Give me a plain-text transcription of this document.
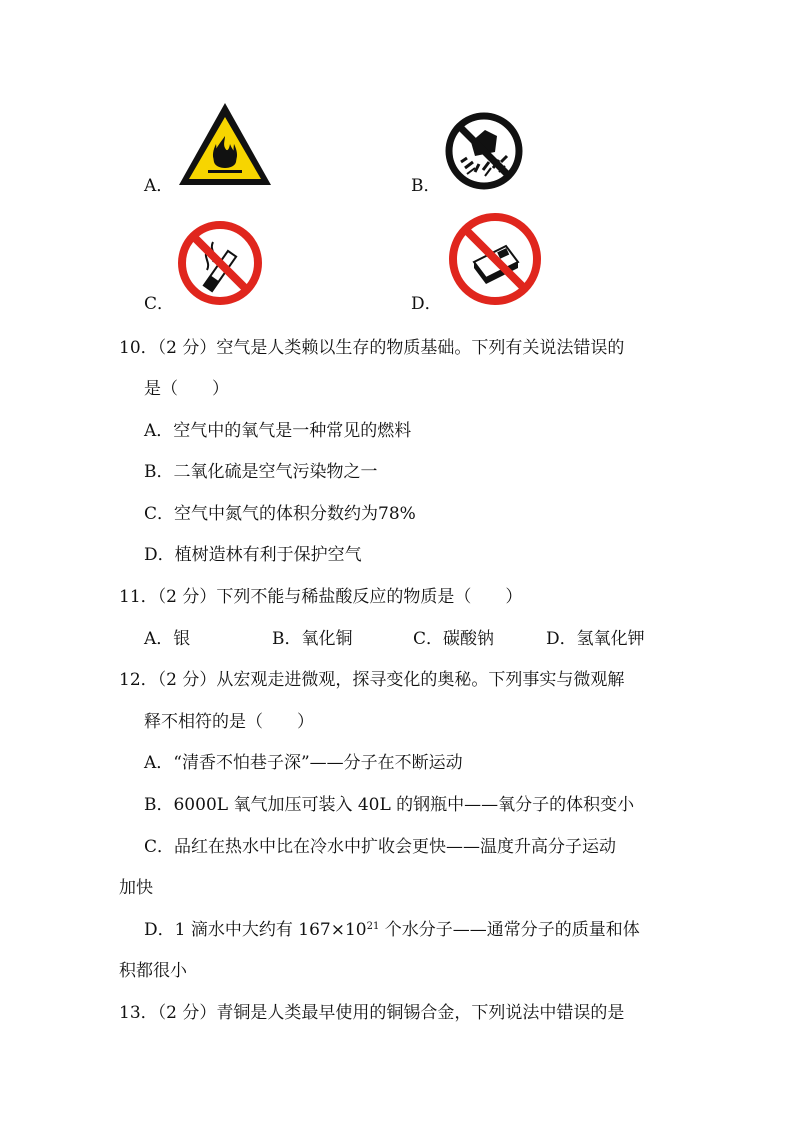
A．	B．
C．	D．
10．（2 分）空气是人类赖以生存的物质基础。下列有关说法错误的
是（　　）
A．空气中的氧气是一种常见的燃料
B．二氧化硫是空气污染物之一
C．空气中氮气的体积分数约为78%
D．植树造林有利于保护空气
11．（2 分）下列不能与稀盐酸反应的物质是（　　）
A．银	B．氧化铜	C．碳酸钠	D．氢氧化钾
12．（2 分）从宏观走进微观，探寻变化的奥秘。下列事实与微观解
释不相符的是（　　）
A．“清香不怕巷子深”——分子在不断运动
B．6000L 氧气加压可装入 40L 的钢瓶中——氧分子的体积变小
C．品红在热水中比在冷水中扩收会更快——温度升高分子运动
加快
D．1 滴水中大约有 $167\times 10^{21}$ 个水分子——通常分子的质量和体
积都很小
13．（2 分）青铜是人类最早使用的铜锡合金，下列说法中错误的是
